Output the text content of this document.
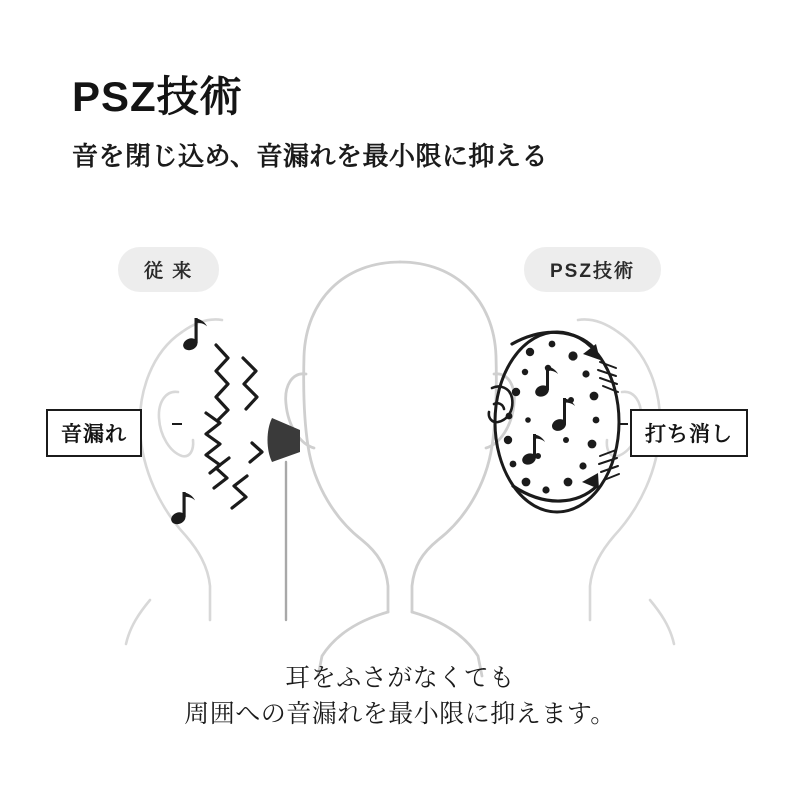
PSZ技術
音を閉じ込め、音漏れを最小限に抑える
従 来	PSZ技術
音漏れ	打ち消し
耳をふさがなくても
周囲への音漏れを最小限に抑えます。
